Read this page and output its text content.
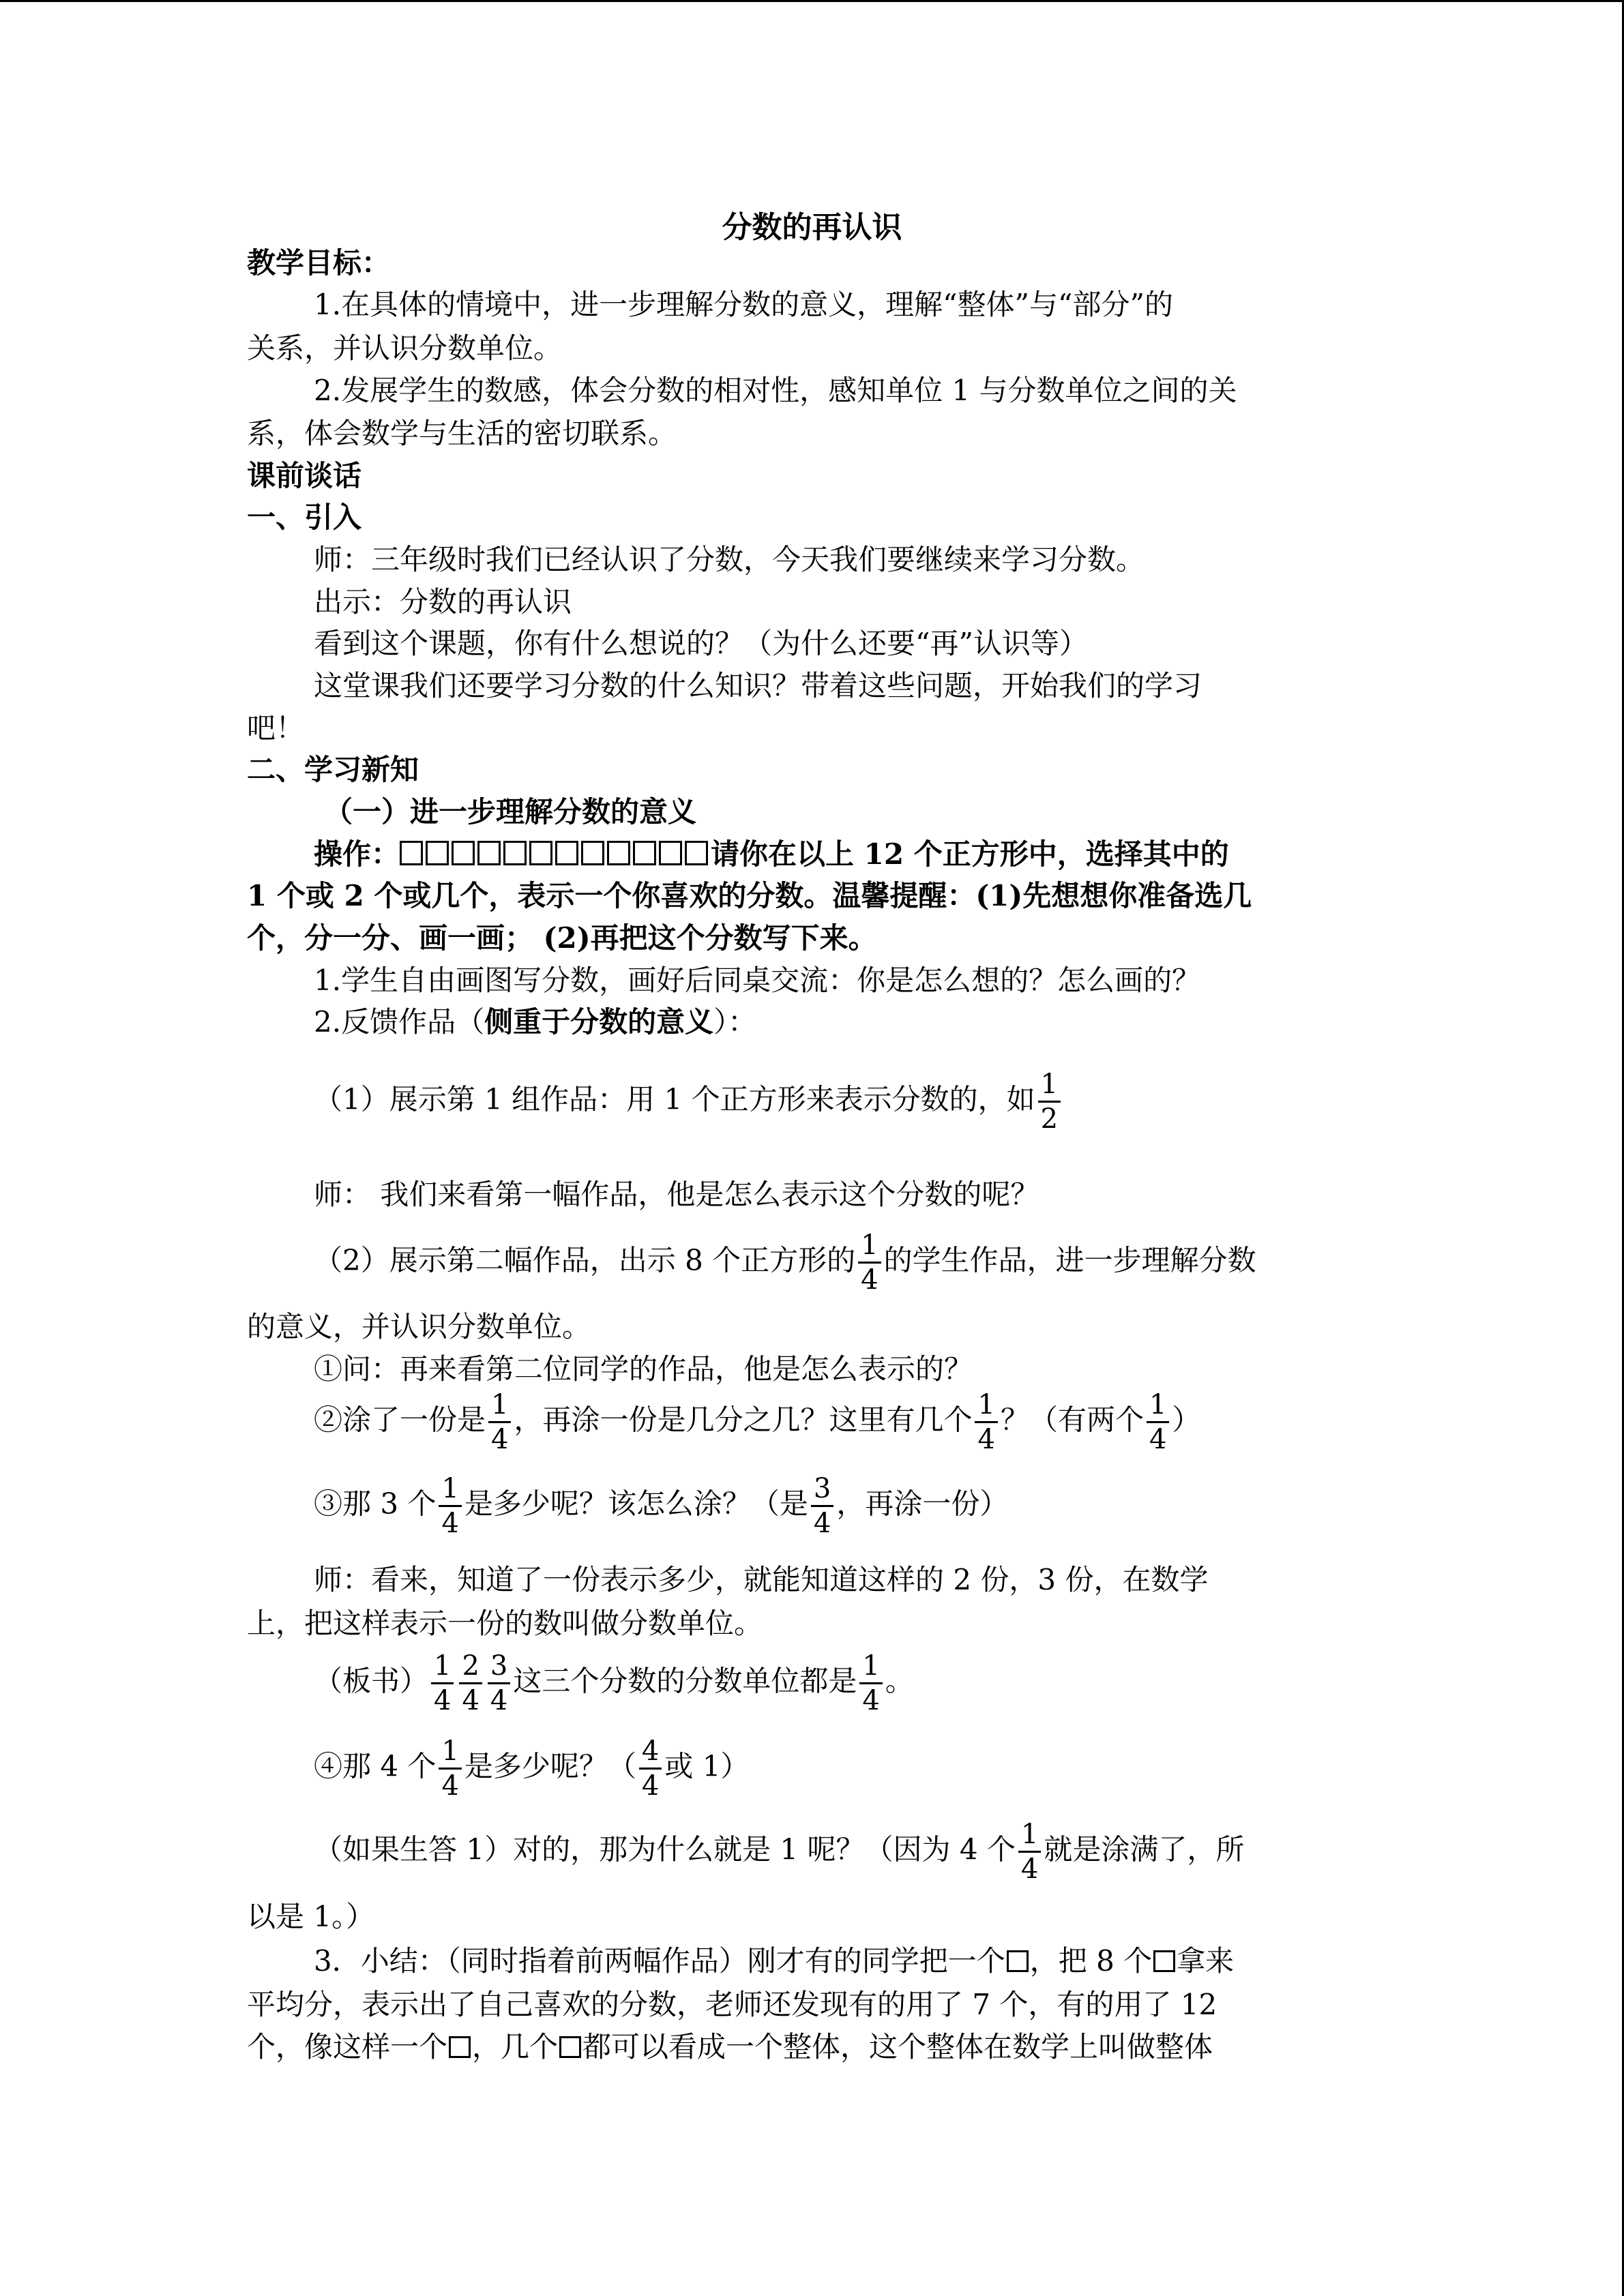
分数的再认识
教学目标：
1.在具体的情境中，进一步理解分数的意义，理解“整体”与“部分”的
关系，并认识分数单位。
2.发展学生的数感，体会分数的相对性，感知单位 1 与分数单位之间的关
系，体会数学与生活的密切联系。
课前谈话
一、引入
师：三年级时我们已经认识了分数，今天我们要继续来学习分数。
出示：分数的再认识
看到这个课题，你有什么想说的？（为什么还要“再”认识等）
这堂课我们还要学习分数的什么知识？带着这些问题，开始我们的学习
吧！
二、学习新知
（一）进一步理解分数的意义
操作：	请你在以上 12 个正方形中，选择其中的
1 个或 2 个或几个，表示一个你喜欢的分数。温馨提醒：(1)先想想你准备选几
个，分一分、画一画； (2)再把这个分数写下来。
1.学生自由画图写分数，画好后同桌交流：你是怎么想的？怎么画的？
2.反馈作品（侧重于分数的意义）：
（1）展示第 1 组作品：用 1 个正方形来表示分数的，如 $\frac{1}{2}$
师： 我们来看第一幅作品，他是怎么表示这个分数的呢？
（2）展示第二幅作品，出示 8 个正方形的 $\frac{1}{4}$ 的学生作品，进一步理解分数
的意义，并认识分数单位。
①问：再来看第二位同学的作品，他是怎么表示的？
②涂了一份是 $\frac{1}{4}$ ，再涂一份是几分之几？这里有几个 $\frac{1}{4}$ ？（有两个 $\frac{1}{4}$ ）
③那 3 个 $\frac{1}{4}$ 是多少呢？该怎么涂？（是 $\frac{3}{4}$ ，再涂一份）
师：看来，知道了一份表示多少，就能知道这样的 2 份，3 份，在数学
上，把这样表示一份的数叫做分数单位。
（板书） $\frac{1}{4} \frac{2}{4} \frac{3}{4}$ 这三个分数的分数单位都是 $\frac{1}{4}$ 。
④那 4 个 $\frac{1}{4}$ 是多少呢？（ $\frac{4}{4}$ 或 1）
（如果生答 1）对的，那为什么就是 1 呢？（因为 4 个 $\frac{1}{4}$ 就是涂满了，所
以是 1。）
3．小结：（同时指着前两幅作品）刚才有的同学把一个 ，把 8 个 拿来
平均分，表示出了自己喜欢的分数，老师还发现有的用了 7 个，有的用了 12
个，像这样一个 ，几个 都可以看成一个整体，这个整体在数学上叫做整体
